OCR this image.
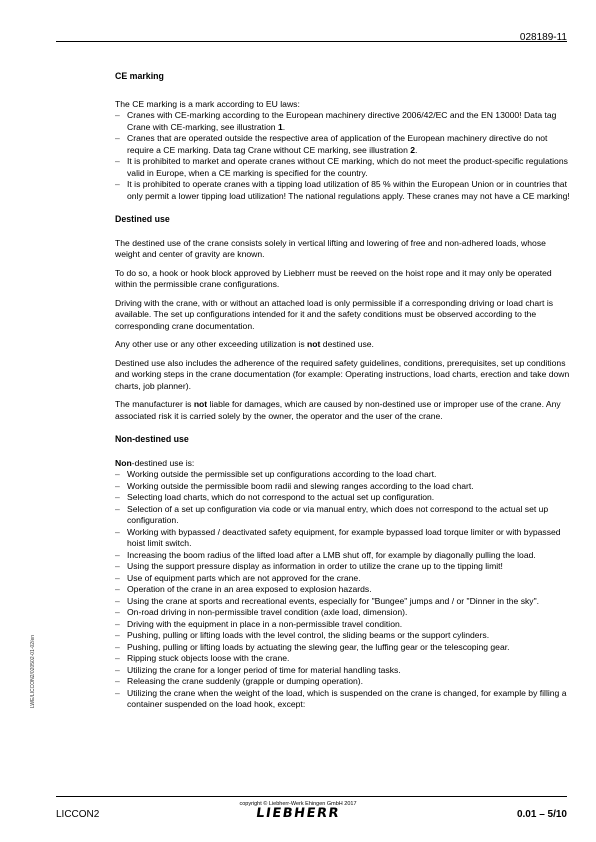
028189-11
CE marking

The CE marking is a mark according to EU laws:

– Cranes with CE-marking according to the European machinery directive 2006/42/EC and the EN 13000! Data tag Crane with CE-marking, see illustration 1.
– Cranes that are operated outside the respective area of application of the European machinery directive do not require a CE marking. Data tag Crane without CE marking, see illustration 2.
– It is prohibited to market and operate cranes without CE marking, which do not meet the product-specific regulations valid in Europe, when a CE marking is specified for the country.
– It is prohibited to operate cranes with a tipping load utilization of 85 % within the European Union or in countries that only permit a lower tipping load utilization! The national regulations apply. These cranes may not have a CE marking!
Destined use

The destined use of the crane consists solely in vertical lifting and lowering of free and non-adhered loads, whose weight and center of gravity are known.

To do so, a hook or hook block approved by Liebherr must be reeved on the hoist rope and it may only be operated within the permissible crane configurations.

Driving with the crane, with or without an attached load is only permissible if a corresponding driving or load chart is available. The set up configurations intended for it and the safety conditions must be observed according to the corresponding crane documentation.

Any other use or any other exceeding utilization is not destined use.

Destined use also includes the adherence of the required safety guidelines, conditions, prerequisites, set up conditions and working steps in the crane documentation (for example: Operating instructions, load charts, erection and take down charts, job planner).

The manufacturer is not liable for damages, which are caused by non-destined use or improper use of the crane. Any associated risk it is carried solely by the owner, the operator and the user of the crane.

Non-destined use

Non-destined use is:

– Working outside the permissible set up configurations according to the load chart.
– Working outside the permissible boom radii and slewing ranges according to the load chart.
– Selecting load charts, which do not correspond to the actual set up configuration.
– Selection of a set up configuration via code or via manual entry, which does not correspond to the actual set up configuration.
– Working with bypassed / deactivated safety equipment, for example bypassed load torque limiter or with bypassed hoist limit switch.
– Increasing the boom radius of the lifted load after a LMB shut off, for example by diagonally pulling the load.
– Using the support pressure display as information in order to utilize the crane up to the tipping limit!
– Use of equipment parts which are not approved for the crane.
– Operation of the crane in an area exposed to explosion hazards.
– Using the crane at sports and recreational events, especially for "Bungee" jumps and / or "Dinner in the sky".
– On-road driving in non-permissible travel condition (axle load, dimension).
– Driving with the equipment in place in a non-permissible travel condition.
– Pushing, pulling or lifting loads with the level control, the sliding beams or the support cylinders.
– Pushing, pulling or lifting loads by actuating the slewing gear, the luffing gear or the telescoping gear.
– Ripping stuck objects loose with the crane.
– Utilizing the crane for a longer period of time for material handling tasks.
– Releasing the crane suddenly (grapple or dumping operation).
– Utilizing the crane when the weight of the load, which is suspended on the crane is changed, for example by filling a container suspended on the load hook, except:
LWE/LICCON2/020502-01-02/en
LICCON2
copyright © Liebherr-Werk Ehingen GmbH 2017
LIEBHERR	0.01 – 5/10
